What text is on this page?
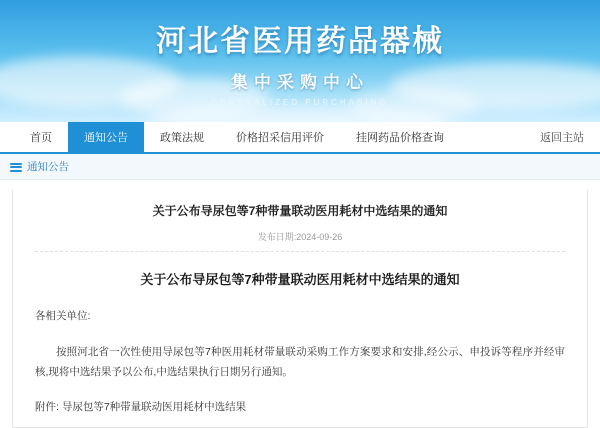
河北省医用药品器械
集中采购中心
CENTRALIZED PURCHASING
首页	通知公告	政策法规	价格招采信用评价	挂网药品价格查询	返回主站
通知公告
关于公布导尿包等7种带量联动医用耗材中选结果的通知
发布日期:2024-09-26
关于公布导尿包等7种带量联动医用耗材中选结果的通知
各相关单位:
按照河北省一次性使用导尿包等7种医用耗材带量联动采购工作方案要求和安排,经公示、申投诉等程序并经审核,现将中选结果予以公布,中选结果执行日期另行通知。
附件: 导尿包等7种带量联动医用耗材中选结果
